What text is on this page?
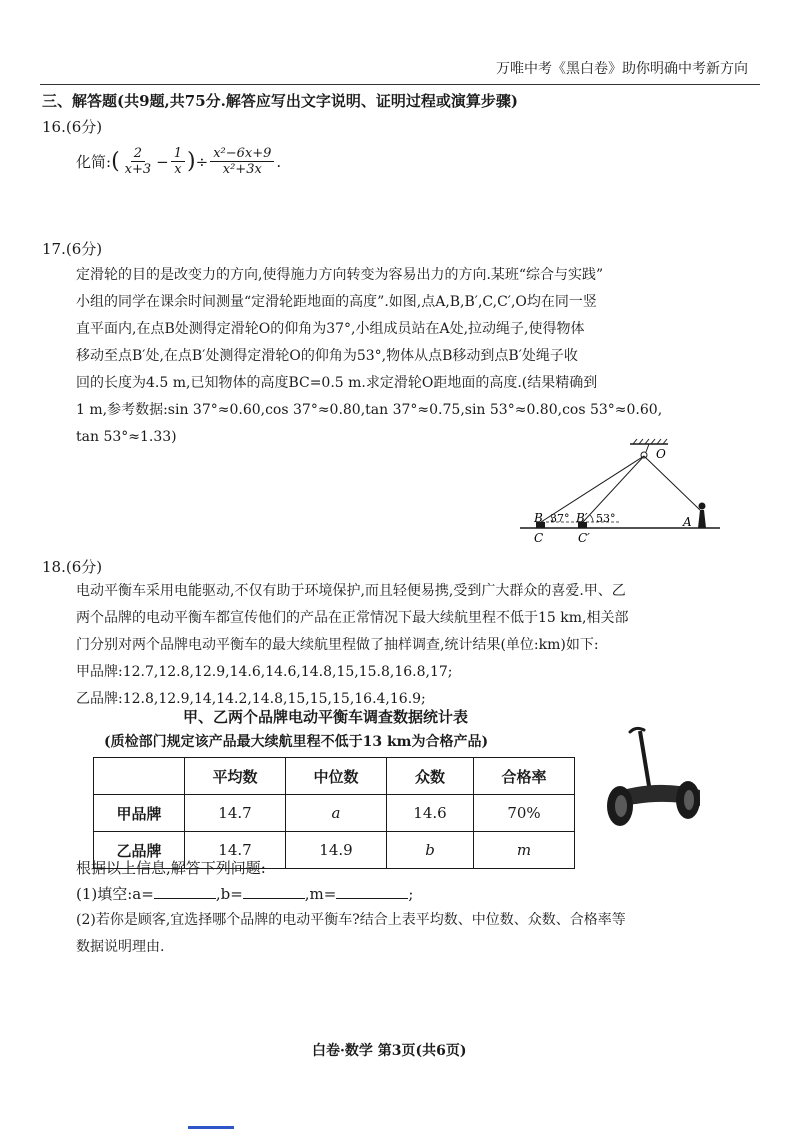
万唯中考《黑白卷》助你明确中考新方向
三、解答题(共9题,共75分.解答应写出文字说明、证明过程或演算步骤)
16.(6分)
化简: ( $\frac{2}{x+3} - \frac{1}{x}$ ) ÷ $\frac{\text{x²−6x+9}}{\text{x²+3x}}$ .
17.(6分)
定滑轮的目的是改变力的方向,使得施力方向转变为容易出力的方向.某班“综合与实践”
小组的同学在课余时间测量“定滑轮距地面的高度”.如图,点A,B,B′,C,C′,O均在同一竖
直平面内,在点B处测得定滑轮O的仰角为37°,小组成员站在A处,拉动绳子,使得物体
移动至点B′处,在点B′处测得定滑轮O的仰角为53°,物体从点B移动到点B′处绳子收
回的长度为4.5 m,已知物体的高度BC=0.5 m.求定滑轮O距地面的高度.(结果精确到
1 m,参考数据:sin 37°≈0.60,cos 37°≈0.80,tan 37°≈0.75,sin 53°≈0.80,cos 53°≈0.60,
tan 53°≈1.33)
O
B	B′	A
C	C′
37° 53°
18.(6分)
电动平衡车采用电能驱动,不仅有助于环境保护,而且轻便易携,受到广大群众的喜爱.甲、乙
两个品牌的电动平衡车都宣传他们的产品在正常情况下最大续航里程不低于15 km,相关部
门分别对两个品牌电动平衡车的最大续航里程做了抽样调查,统计结果(单位:km)如下:
甲品牌:12.7,12.8,12.9,14.6,14.6,14.8,15,15.8,16.8,17;
乙品牌:12.8,12.9,14,14.2,14.8,15,15,15,16.4,16.9;
甲、乙两个品牌电动平衡车调查数据统计表
(质检部门规定该产品最大续航里程不低于13 km为合格产品)
	平均数	中位数	众数	合格率
甲品牌	14.7	a	14.6	70%
乙品牌	14.7	14.9	b	m
根据以上信息,解答下列问题:
(1)填空:a=	,b=	,m=	;
(2)若你是顾客,宜选择哪个品牌的电动平衡车?结合上表平均数、中位数、众数、合格率等
数据说明理由.
白卷·数学 第3页(共6页)
